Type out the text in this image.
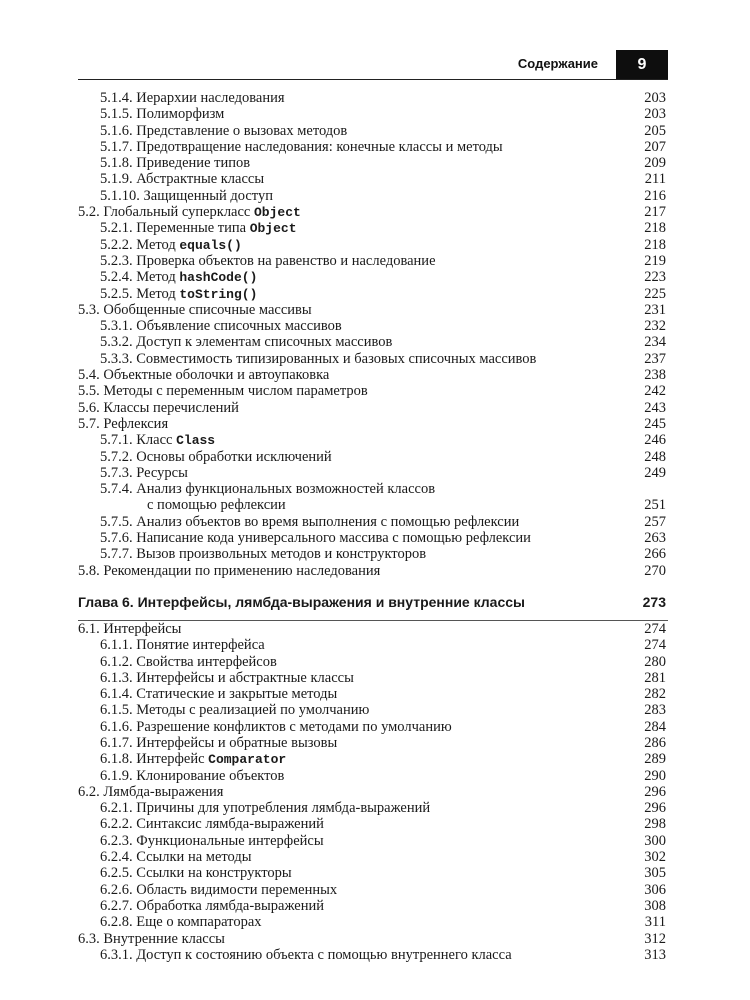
Содержание	9
5.1.4. Иерархии наследования	203
5.1.5. Полиморфизм	203
5.1.6. Представление о вызовах методов	205
5.1.7. Предотвращение наследования: конечные классы и методы	207
5.1.8. Приведение типов	209
5.1.9. Абстрактные классы	211
5.1.10. Защищенный доступ	216
5.2. Глобальный суперкласс Object	217
5.2.1. Переменные типа Object	218
5.2.2. Метод equals()	218
5.2.3. Проверка объектов на равенство и наследование	219
5.2.4. Метод hashCode()	223
5.2.5. Метод toString()	225
5.3. Обобщенные списочные массивы	231
5.3.1. Объявление списочных массивов	232
5.3.2. Доступ к элементам списочных массивов	234
5.3.3. Совместимость типизированных и базовых списочных массивов	237
5.4. Объектные оболочки и автоупаковка	238
5.5. Методы с переменным числом параметров	242
5.6. Классы перечислений	243
5.7. Рефлексия	245
5.7.1. Класс Class	246
5.7.2. Основы обработки исключений	248
5.7.3. Ресурсы	249
5.7.4. Анализ функциональных возможностей классов
с помощью рефлексии	251
5.7.5. Анализ объектов во время выполнения с помощью рефлексии	257
5.7.6. Написание кода универсального массива с помощью рефлексии	263
5.7.7. Вызов произвольных методов и конструкторов	266
5.8. Рекомендации по применению наследования	270
Глава 6. Интерфейсы, лямбда-выражения и внутренние классы	273
6.1. Интерфейсы	274
6.1.1. Понятие интерфейса	274
6.1.2. Свойства интерфейсов	280
6.1.3. Интерфейсы и абстрактные классы	281
6.1.4. Статические и закрытые методы	282
6.1.5. Методы с реализацией по умолчанию	283
6.1.6. Разрешение конфликтов с методами по умолчанию	284
6.1.7. Интерфейсы и обратные вызовы	286
6.1.8. Интерфейс Comparator	289
6.1.9. Клонирование объектов	290
6.2. Лямбда-выражения	296
6.2.1. Причины для употребления лямбда-выражений	296
6.2.2. Синтаксис лямбда-выражений	298
6.2.3. Функциональные интерфейсы	300
6.2.4. Ссылки на методы	302
6.2.5. Ссылки на конструкторы	305
6.2.6. Область видимости переменных	306
6.2.7. Обработка лямбда-выражений	308
6.2.8. Еще о компараторах	311
6.3. Внутренние классы	312
6.3.1. Доступ к состоянию объекта с помощью внутреннего класса	313
